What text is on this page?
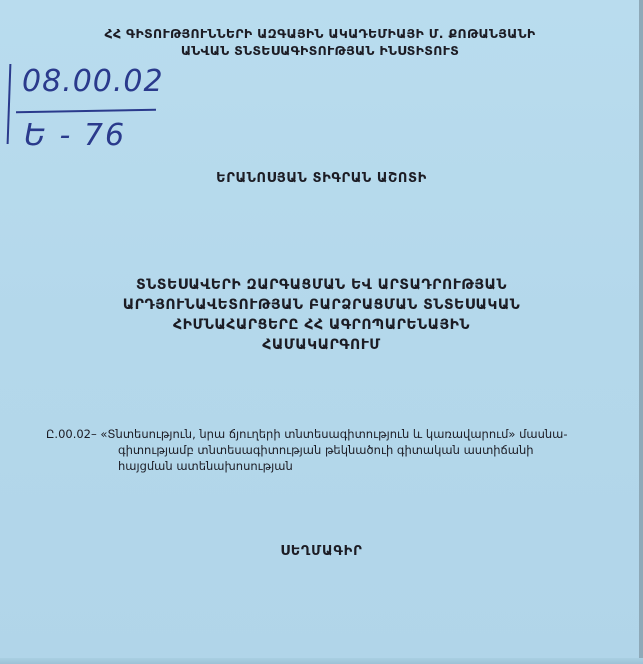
ՀՀ ԳԻՏՈՒԹՅՈՒՆՆԵՐԻ ԱԶԳԱՅԻՆ ԱԿԱԴԵՄԻԱՅԻ Մ. ՔՈԹԱՆՅԱՆԻ
ԱՆՎԱՆ ՏՆՏԵՍԱԳԻՏՈՒԹՅԱՆ ԻՆՍՏԻՏՈՒՏ
08.00.02
Ե - 76
ԵՐԱՆՈՍՅԱՆ ՏԻԳՐԱՆ ԱՇՈՏԻ
ՏՆՏԵՍԱՎԵՐԻ ԶԱՐԳԱՑՄԱՆ ԵՎ ԱՐՏԱԴՐՈՒԹՅԱՆ
ԱՐԴՅՈՒՆԱՎԵՏՈՒԹՅԱՆ ԲԱՐՁՐԱՑՄԱՆ ՏՆՏԵՍԱԿԱՆ
ՀԻՄՆԱՀԱՐՑԵՐԸ ՀՀ ԱԳՐՈՊԱՐԵՆԱՅԻՆ
ՀԱՄԱԿԱՐԳՈՒՄ
Ը.00.02– «Տնտեսություն, նրա ճյուղերի տնտեսագիտություն և կառավարում» մասնա-
գիտությամբ տնտեսագիտության թեկնածուի գիտական աստիճանի
հայցման ատենախոսության
ՍԵՂՄԱԳԻՐ
